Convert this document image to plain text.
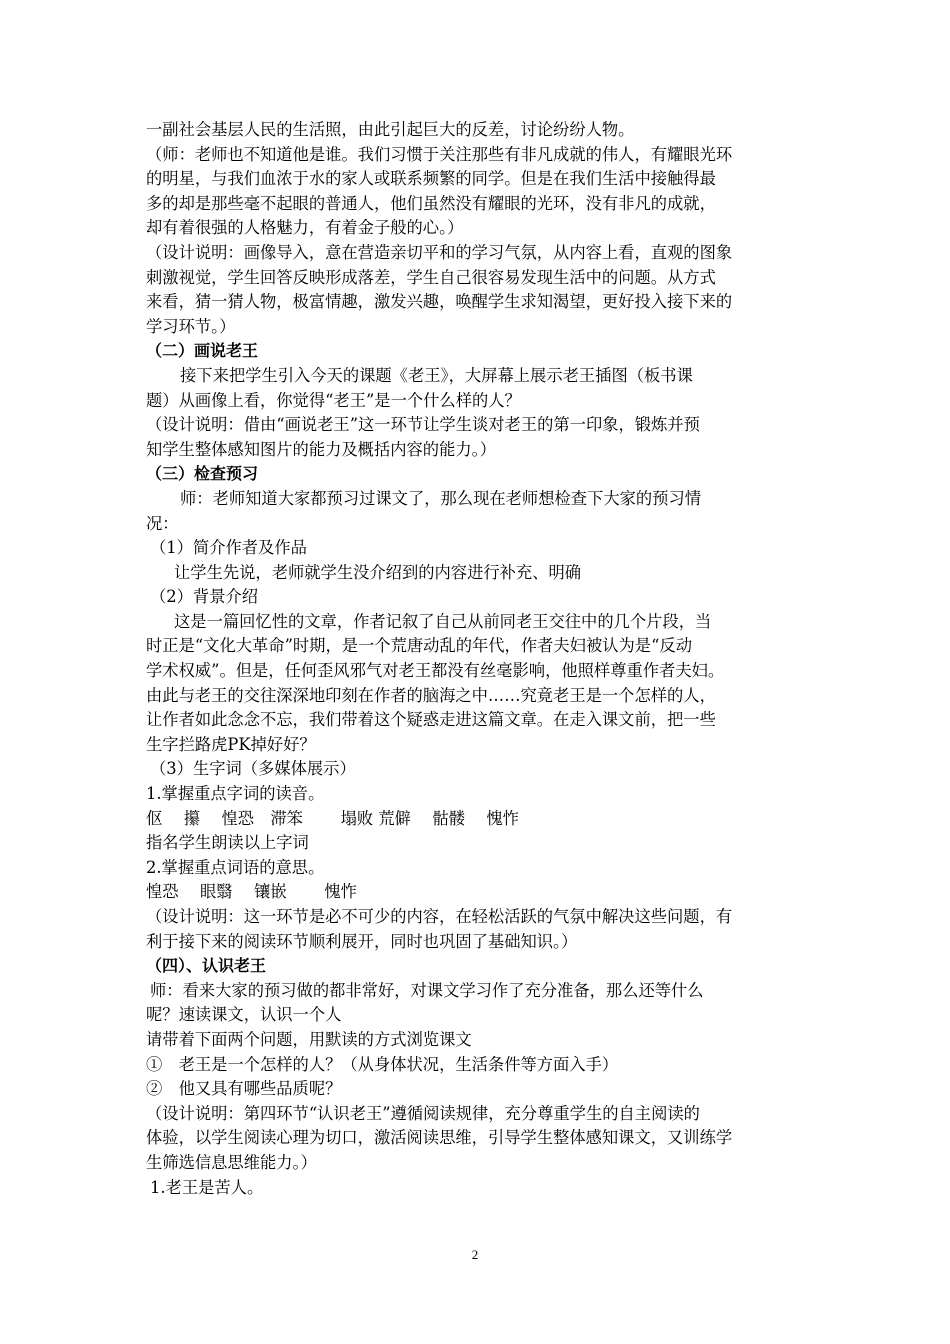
一副社会基层人民的生活照，由此引起巨大的反差，讨论纷纷人物。
（师：老师也不知道他是谁。我们习惯于关注那些有非凡成就的伟人，有耀眼光环
的明星，与我们血浓于水的家人或联系频繁的同学。但是在我们生活中接触得最
多的却是那些毫不起眼的普通人，他们虽然没有耀眼的光环，没有非凡的成就，
却有着很强的人格魅力，有着金子般的心。）
（设计说明：画像导入，意在营造亲切平和的学习气氛，从内容上看，直观的图象
刺激视觉，学生回答反映形成落差，学生自己很容易发现生活中的问题。从方式
来看，猜一猜人物，极富情趣，激发兴趣，唤醒学生求知渴望，更好投入接下来的
学习环节。）
（二）画说老王
接下来把学生引入今天的课题《老王》，大屏幕上展示老王插图（板书课
题）从画像上看，你觉得“老王”是一个什么样的人？
（设计说明：借由“画说老王”这一环节让学生谈对老王的第一印象，锻炼并预
知学生整体感知图片的能力及概括内容的能力。）
（三）检查预习
师：老师知道大家都预习过课文了，那么现在老师想检查下大家的预习情
况：
（1）简介作者及作品
让学生先说，老师就学生没介绍到的内容进行补充、明确
（2）背景介绍
这是一篇回忆性的文章，作者记叙了自己从前同老王交往中的几个片段，当
时正是“文化大革命”时期，是一个荒唐动乱的年代，作者夫妇被认为是“反动
学术权威”。但是，任何歪风邪气对老王都没有丝毫影响，他照样尊重作者夫妇。
由此与老王的交往深深地印刻在作者的脑海之中……究竟老王是一个怎样的人，
让作者如此念念不忘，我们带着这个疑惑走进这篇文章。在走入课文前，把一些
生字拦路虎PK掉好好？
（3）生字词（多媒体展示）
1.掌握重点字词的读音。
伛　 攥　 惶恐　滞笨　　 塌败 荒僻　 骷髅　 愧怍
指名学生朗读以上字词
2.掌握重点词语的意思。
惶恐　 眼翳　 镶嵌　　 愧怍
（设计说明：这一环节是必不可少的内容，在轻松活跃的气氛中解决这些问题，有
利于接下来的阅读环节顺利展开，同时也巩固了基础知识。）
（四）、认识老王
师：看来大家的预习做的都非常好，对课文学习作了充分准备，那么还等什么
呢？速读课文，认识一个人
请带着下面两个问题，用默读的方式浏览课文
①　老王是一个怎样的人？（从身体状况，生活条件等方面入手）
②　他又具有哪些品质呢？
（设计说明：第四环节“认识老王”遵循阅读规律，充分尊重学生的自主阅读的
体验，以学生阅读心理为切口，激活阅读思维，引导学生整体感知课文，又训练学
生筛选信息思维能力。）
1.老王是苦人。
2
